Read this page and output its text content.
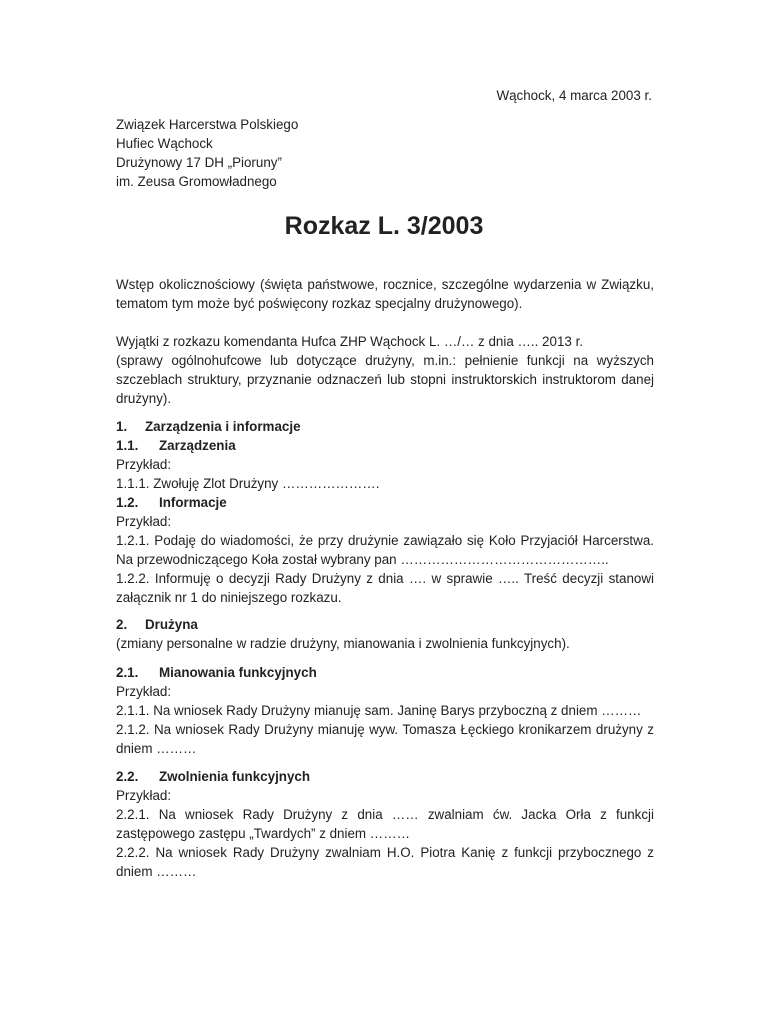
Wąchock, 4 marca 2003 r.
Związek Harcerstwa Polskiego
Hufiec Wąchock
Drużynowy 17 DH „Pioruny”
im. Zeusa Gromowładnego
Rozkaz L. 3/2003
Wstęp okolicznościowy (święta państwowe, rocznice, szczególne wydarzenia w Związku,
tematom tym może być poświęcony rozkaz specjalny drużynowego).
Wyjątki z rozkazu komendanta Hufca ZHP Wąchock L. …/… z dnia ….. 2013 r.
(sprawy ogólnohufcowe lub dotyczące drużyny, m.in.: pełnienie funkcji na wyższych
szczeblach struktury, przyznanie odznaczeń lub stopni instruktorskich instruktorom danej
drużyny).
1. Zarządzenia i informacje
1.1. Zarządzenia
Przykład:
1.1.1. Zwołuję Zlot Drużyny ………………….
1.2. Informacje
Przykład:
1.2.1. Podaję do wiadomości, że przy drużynie zawiązało się Koło Przyjaciół Harcerstwa.
Na przewodniczącego Koła został wybrany pan ………………………………………..
1.2.2. Informuję o decyzji Rady Drużyny z dnia …. w sprawie ….. Treść decyzji stanowi
załącznik nr 1 do niniejszego rozkazu.
2. Drużyna
(zmiany personalne w radzie drużyny, mianowania i zwolnienia funkcyjnych).
2.1. Mianowania funkcyjnych
Przykład:
2.1.1. Na wniosek Rady Drużyny mianuję sam. Janinę Barys przyboczną z dniem ………
2.1.2. Na wniosek Rady Drużyny mianuję wyw. Tomasza Łęckiego kronikarzem drużyny z
dniem ………
2.2. Zwolnienia funkcyjnych
Przykład:
2.2.1. Na wniosek Rady Drużyny z dnia …… zwalniam ćw. Jacka Orła z funkcji
zastępowego zastępu „Twardych” z dniem ………
2.2.2. Na wniosek Rady Drużyny zwalniam H.O. Piotra Kanię z funkcji przybocznego z
dniem ………
